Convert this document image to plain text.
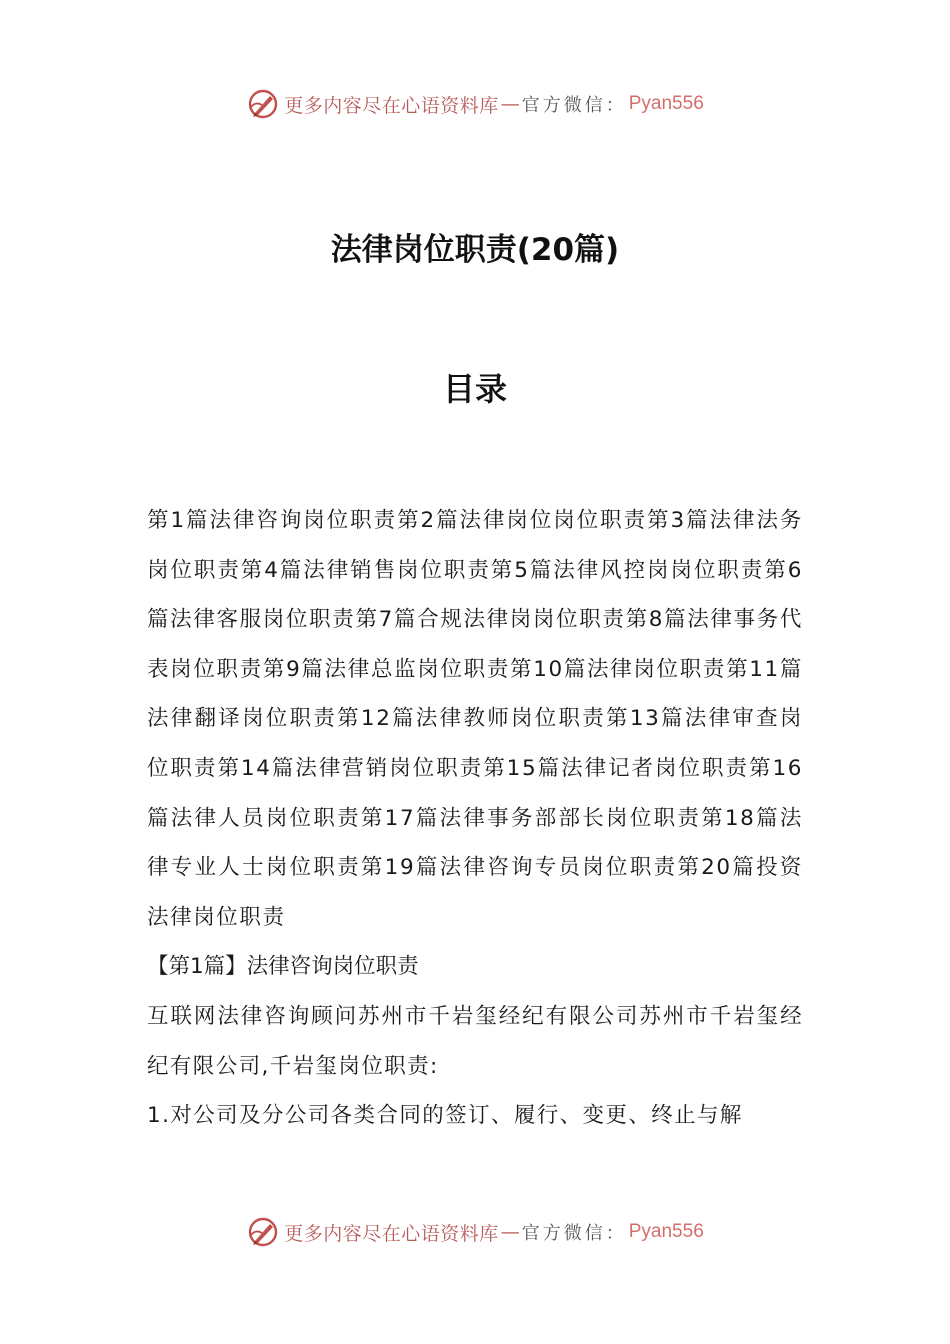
更多内容尽在心语资料库 — 官方微信： Pyan556
法律岗位职责(20篇)
目录

第1篇法律咨询岗位职责第2篇法律岗位岗位职责第3篇法律法务岗位职责第4篇法律销售岗位职责第5篇法律风控岗岗位职责第6篇法律客服岗位职责第7篇合规法律岗岗位职责第8篇法律事务代表岗位职责第9篇法律总监岗位职责第10篇法律岗位职责第11篇法律翻译岗位职责第12篇法律教师岗位职责第13篇法律审查岗位职责第14篇法律营销岗位职责第15篇法律记者岗位职责第16篇法律人员岗位职责第17篇法律事务部部长岗位职责第18篇法律专业人士岗位职责第19篇法律咨询专员岗位职责第20篇投资法律岗位职责

【第1篇】法律咨询岗位职责

互联网法律咨询顾问苏州市千岩玺经纪有限公司苏州市千岩玺经纪有限公司,千岩玺岗位职责:

1.对公司及分公司各类合同的签订、履行、变更、终止与解

更多内容尽在心语资料库 — 官方微信： Pyan556
